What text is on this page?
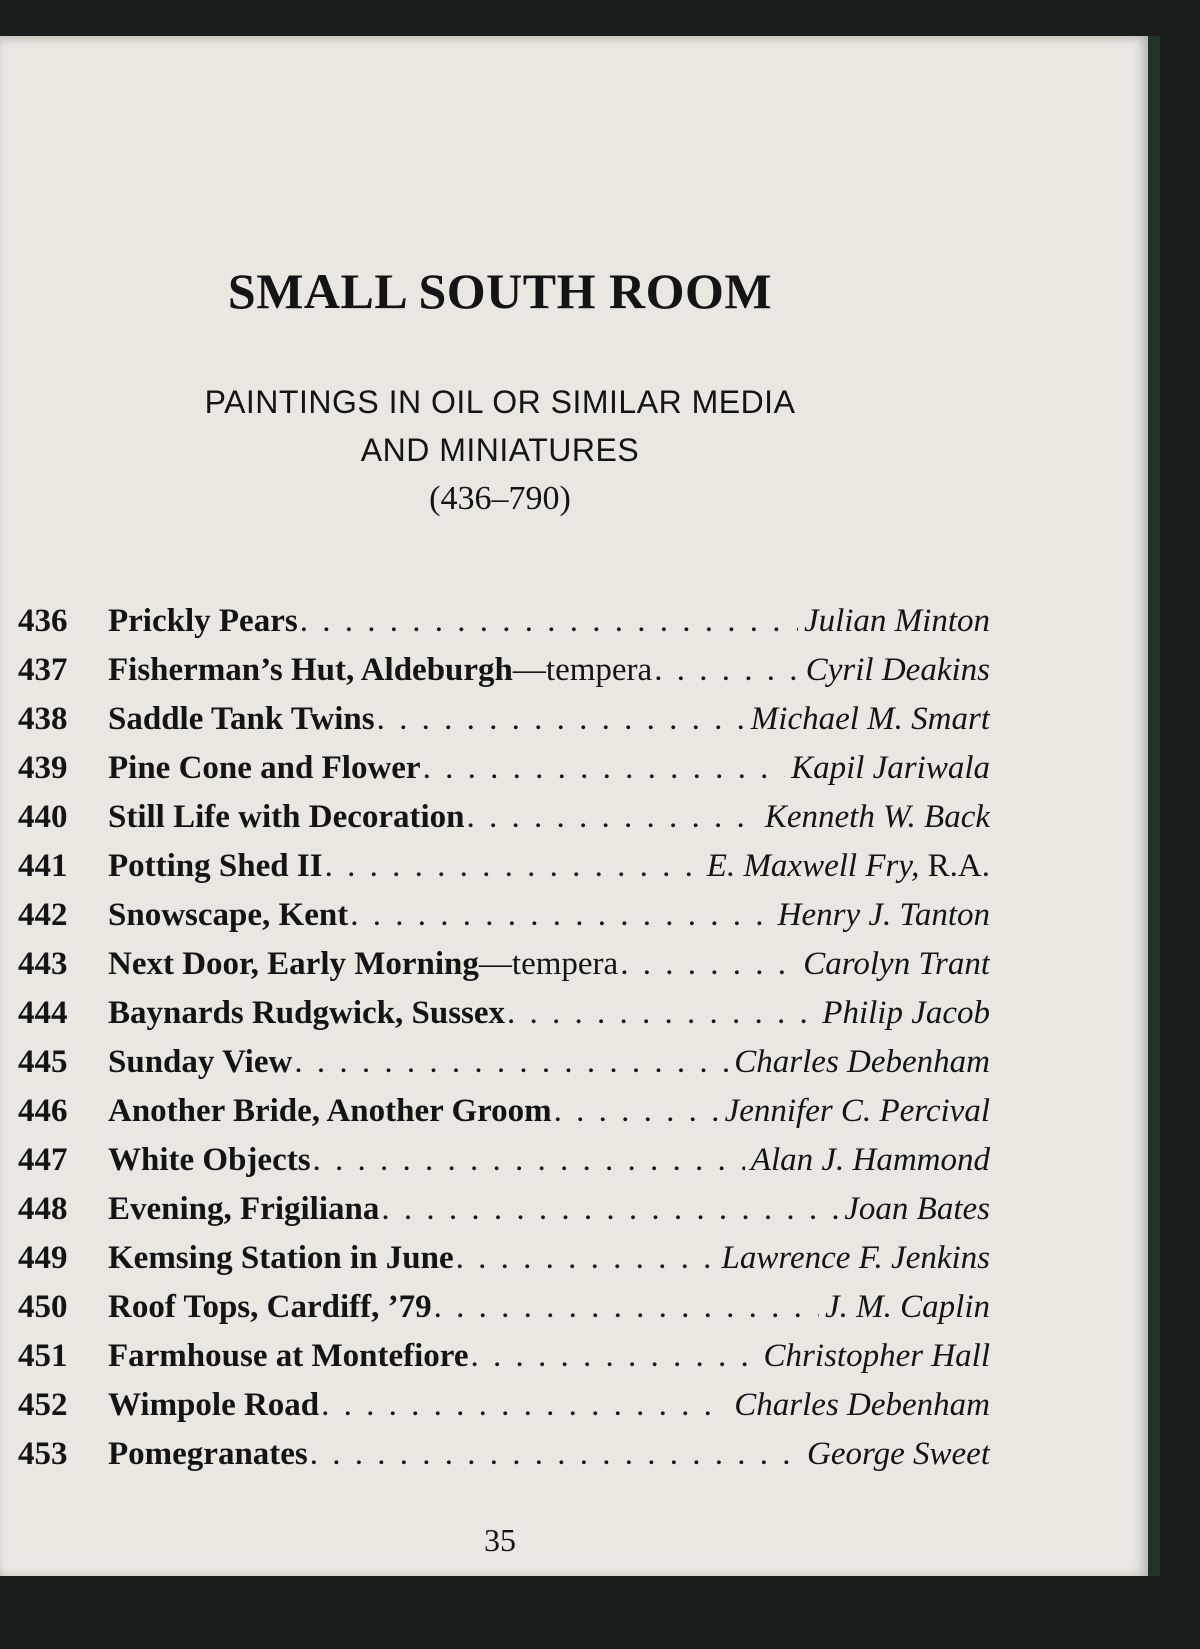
SMALL SOUTH ROOM
PAINTINGS IN OIL OR SIMILAR MEDIA
AND MINIATURES
(436–790)
436	Prickly Pears . . .	Julian Minton
437	Fisherman’s Hut, Aldeburgh—tempera . . .	Cyril Deakins
438	Saddle Tank Twins . . .	Michael M. Smart
439	Pine Cone and Flower . . .	Kapil Jariwala
440	Still Life with Decoration . . .	Kenneth W. Back
441	Potting Shed II . . .	E. Maxwell Fry, R.A.
442	Snowscape, Kent . . .	Henry J. Tanton
443	Next Door, Early Morning—tempera . . .	Carolyn Trant
444	Baynards Rudgwick, Sussex . . .	Philip Jacob
445	Sunday View . . .	Charles Debenham
446	Another Bride, Another Groom . . .	Jennifer C. Percival
447	White Objects . . .	Alan J. Hammond
448	Evening, Frigiliana . . .	Joan Bates
449	Kemsing Station in June . . .	Lawrence F. Jenkins
450	Roof Tops, Cardiff, ’79 . . .	J. M. Caplin
451	Farmhouse at Montefiore . . .	Christopher Hall
452	Wimpole Road . . .	Charles Debenham
453	Pomegranates . . .	George Sweet
35
